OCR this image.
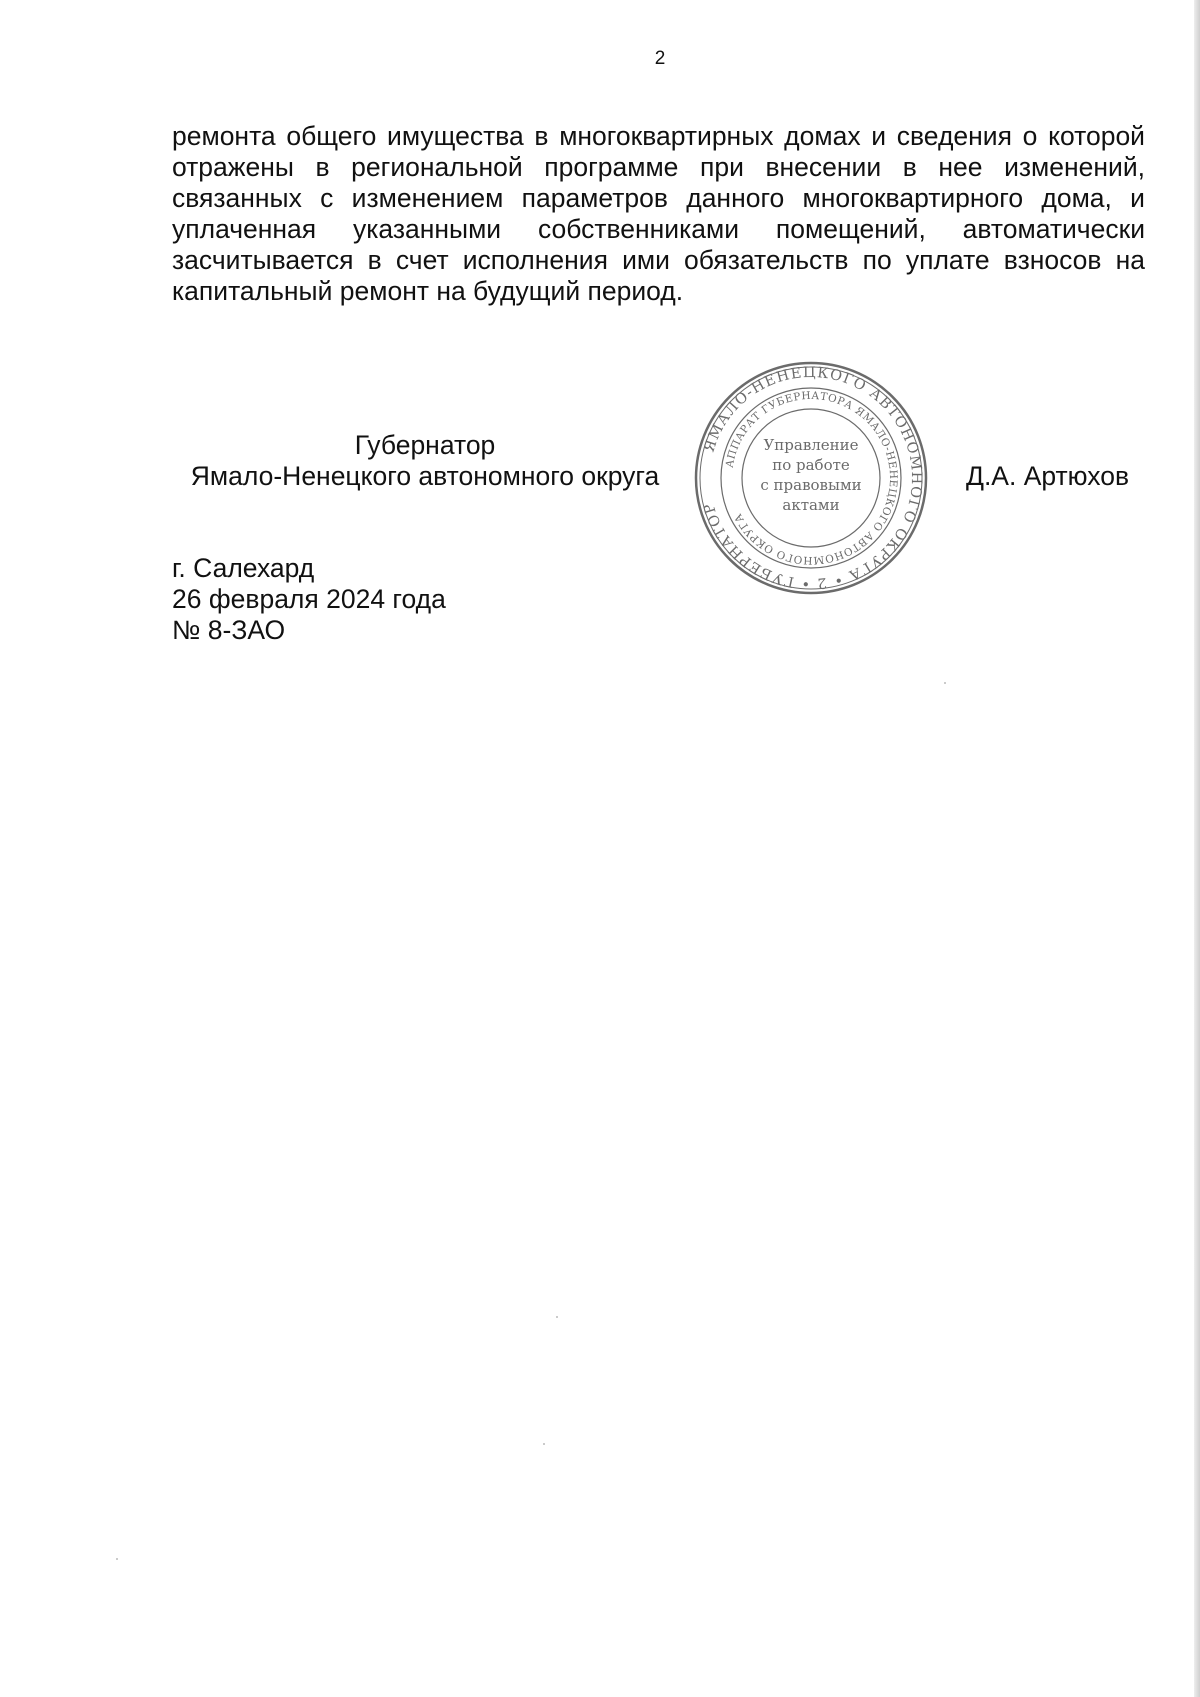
2

ремонта общего имущества в многоквартирных домах и сведения о которой отражены в региональной программе при внесении в нее изменений, связанных с изменением параметров данного многоквартирного дома, и уплаченная указанными собственниками помещений, автоматически засчитывается в счет исполнения ими обязательств по уплате взносов на капитальный ремонт на будущий период.

Губернатор
Ямало-Ненецкого автономного округа	Д.А. Артюхов
ЯМАЛО-НЕНЕЦКОГО АВТОНОМНОГО ОКРУГА • 2 • ГУБЕРНАТОР
АППАРАТ ГУБЕРНАТОРА ЯМАЛО-НЕНЕЦКОГО АВТОНОМНОГО ОКРУГА
Управление
по работе
с правовыми
актами
г. Салехард
26 февраля 2024 года
№ 8-ЗАО
